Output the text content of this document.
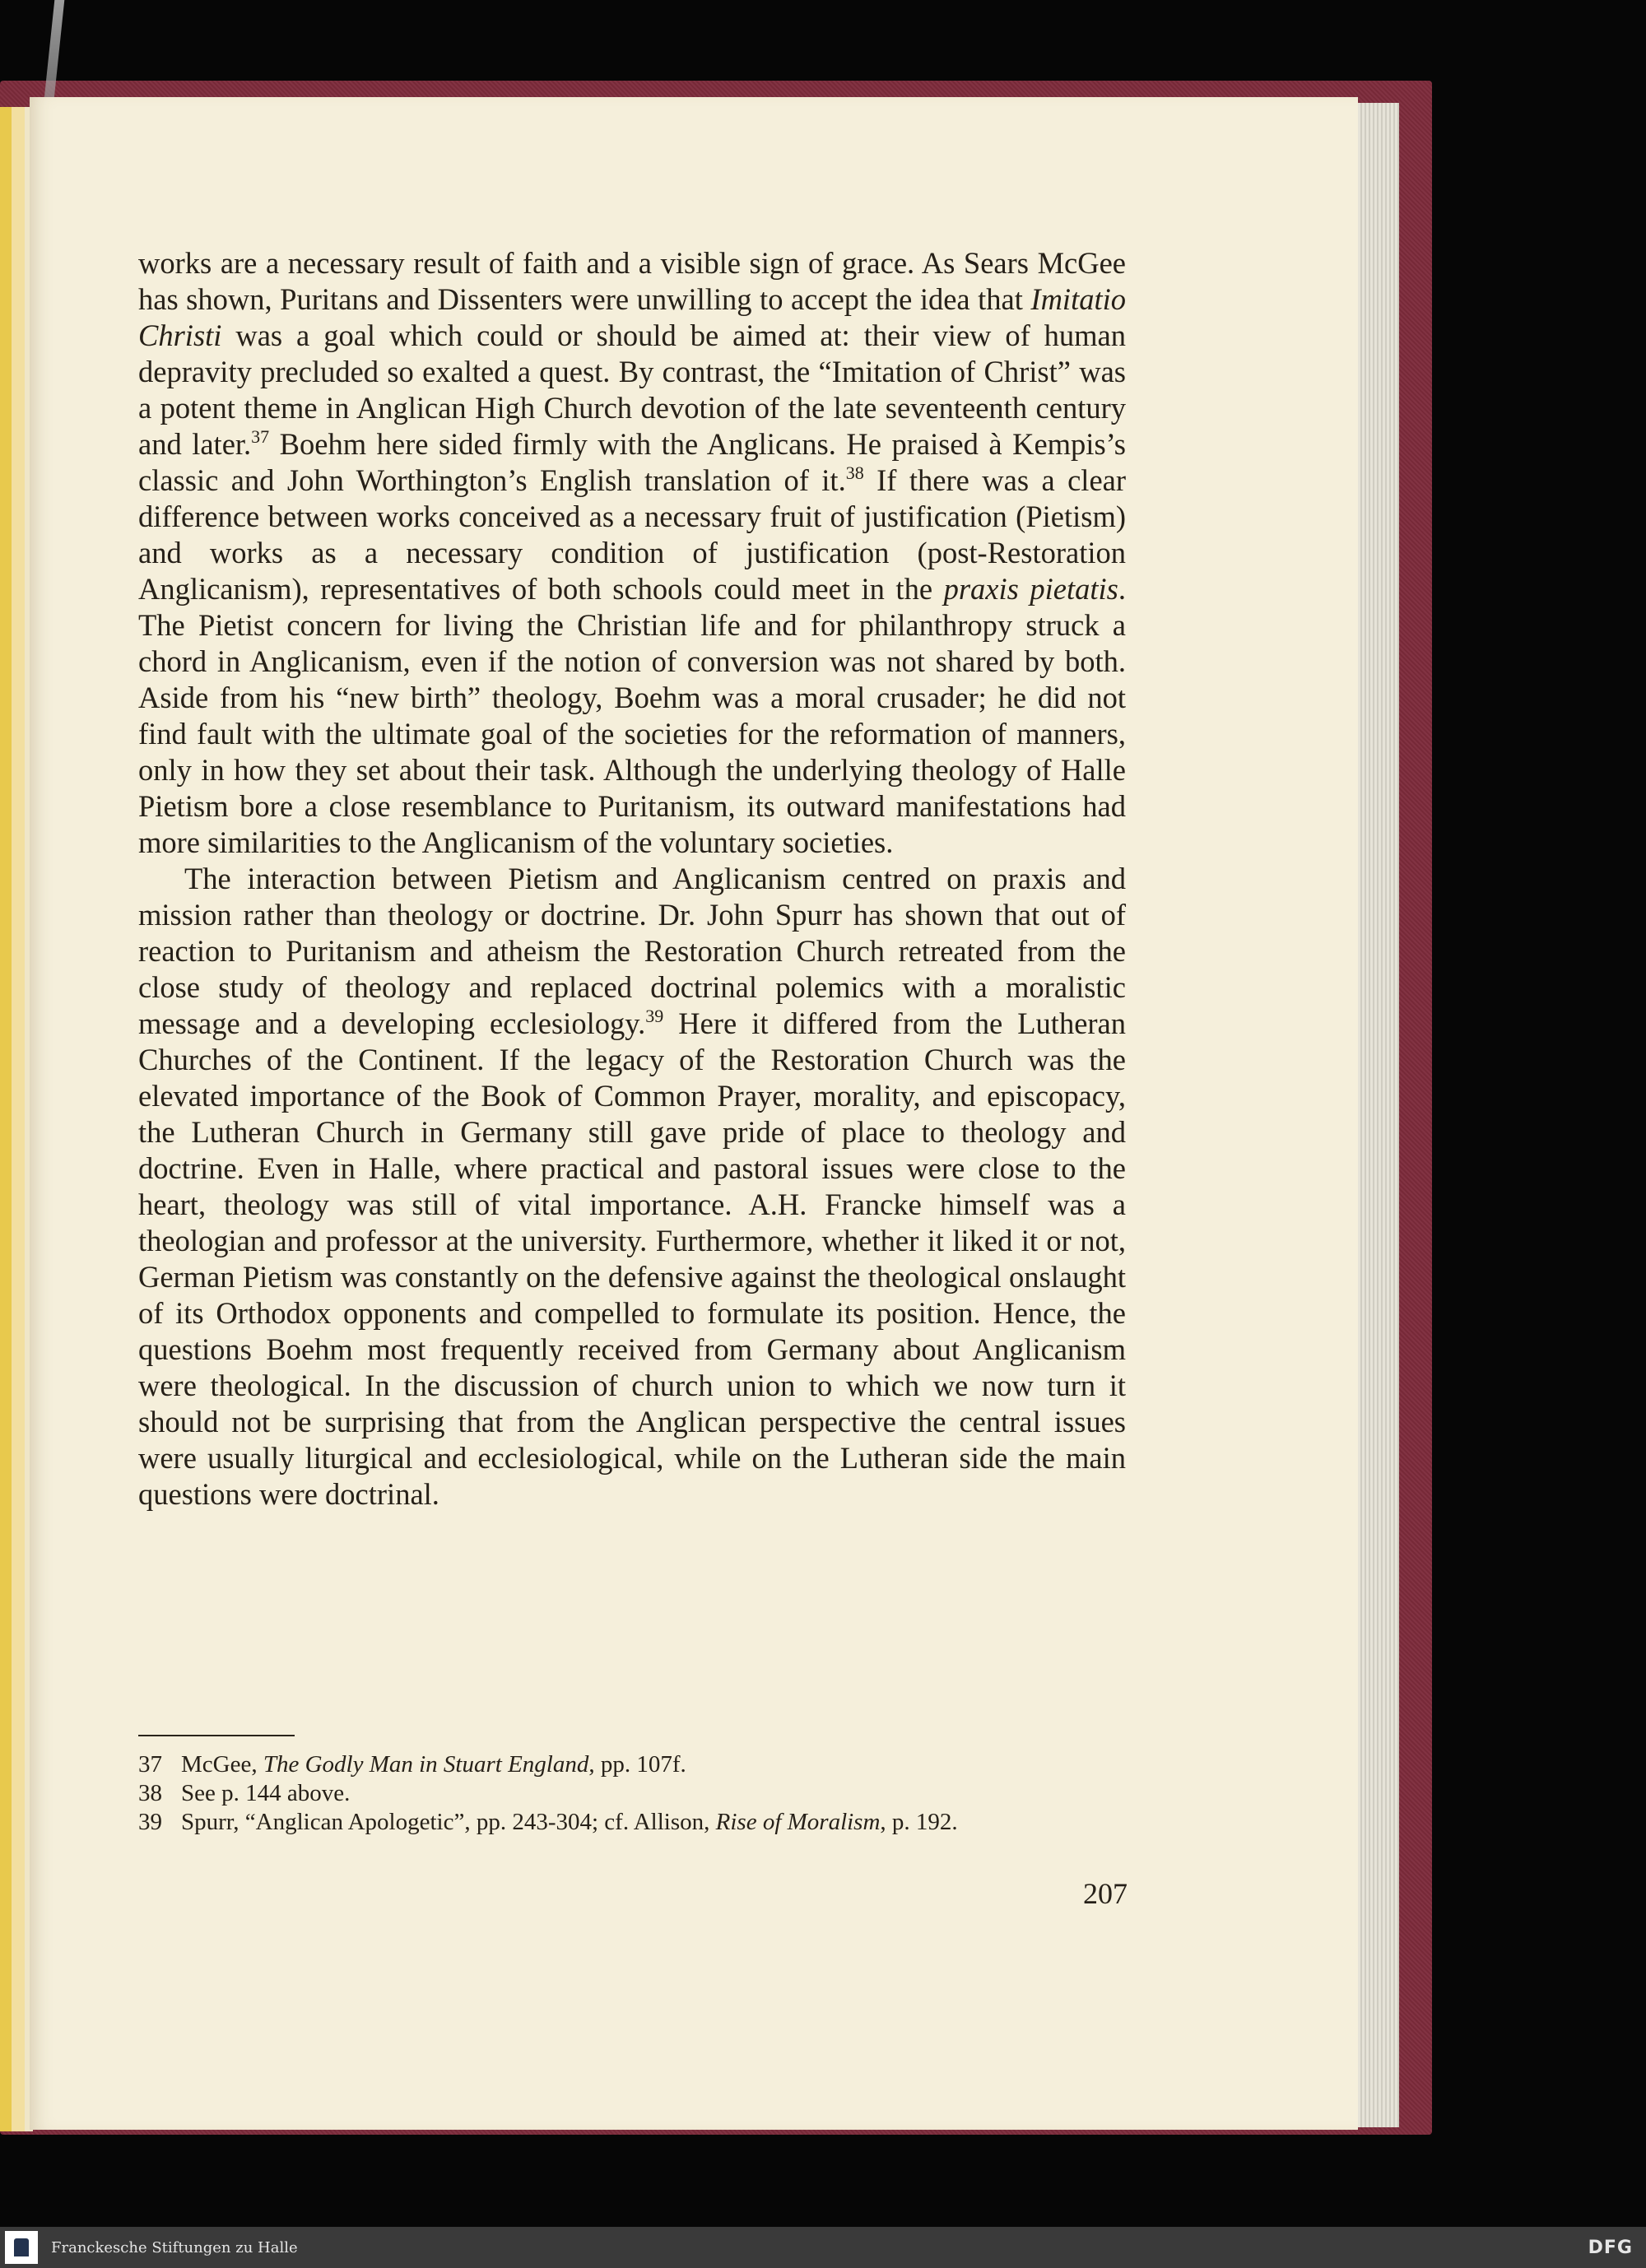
works are a necessary result of faith and a visible sign of grace. As Sears McGee has shown, Puritans and Dissenters were unwilling to accept the idea that Imitatio Christi was a goal which could or should be aimed at: their view of human depravity precluded so exalted a quest. By contrast, the “Imitation of Christ” was a potent theme in Anglican High Church devotion of the late seventeenth century and later.$^{37}$ Boehm here sided firmly with the Anglicans. He praised à Kempis’s classic and John Worthington’s English translation of it.$^{38}$ If there was a clear difference between works conceived as a necessary fruit of justification (Pietism) and works as a necessary condition of justification (post-Restoration Anglicanism), representatives of both schools could meet in the praxis pietatis. The Pietist concern for living the Christian life and for philanthropy struck a chord in Anglicanism, even if the notion of conversion was not shared by both. Aside from his “new birth” theology, Boehm was a moral crusader; he did not find fault with the ultimate goal of the societies for the reformation of manners, only in how they set about their task. Although the underlying theology of Halle Pietism bore a close resemblance to Puritanism, its outward manifestations had more similarities to the Anglicanism of the voluntary societies.

The interaction between Pietism and Anglicanism centred on praxis and mission rather than theology or doctrine. Dr. John Spurr has shown that out of reaction to Puritanism and atheism the Restoration Church retreated from the close study of theology and replaced doctrinal polemics with a moralistic message and a developing ecclesiology.$^{39}$ Here it differed from the Lutheran Churches of the Continent. If the legacy of the Restoration Church was the elevated importance of the Book of Common Prayer, morality, and episcopacy, the Lutheran Church in Germany still gave pride of place to theology and doctrine. Even in Halle, where practical and pastoral issues were close to the heart, theology was still of vital importance. A.H. Francke himself was a theologian and professor at the university. Furthermore, whether it liked it or not, German Pietism was constantly on the defensive against the theological onslaught of its Orthodox opponents and compelled to formulate its position. Hence, the questions Boehm most frequently received from Germany about Anglicanism were theological. In the discussion of church union to which we now turn it should not be surprising that from the Anglican perspective the central issues were usually liturgical and ecclesiological, while on the Lutheran side the main questions were doctrinal.

37 McGee, The Godly Man in Stuart England, pp. 107f.
38 See p. 144 above.
39 Spurr, “Anglican Apologetic”, pp. 243-304; cf. Allison, Rise of Moralism, p. 192.
207
Franckesche Stiftungen zu Halle	DFG
